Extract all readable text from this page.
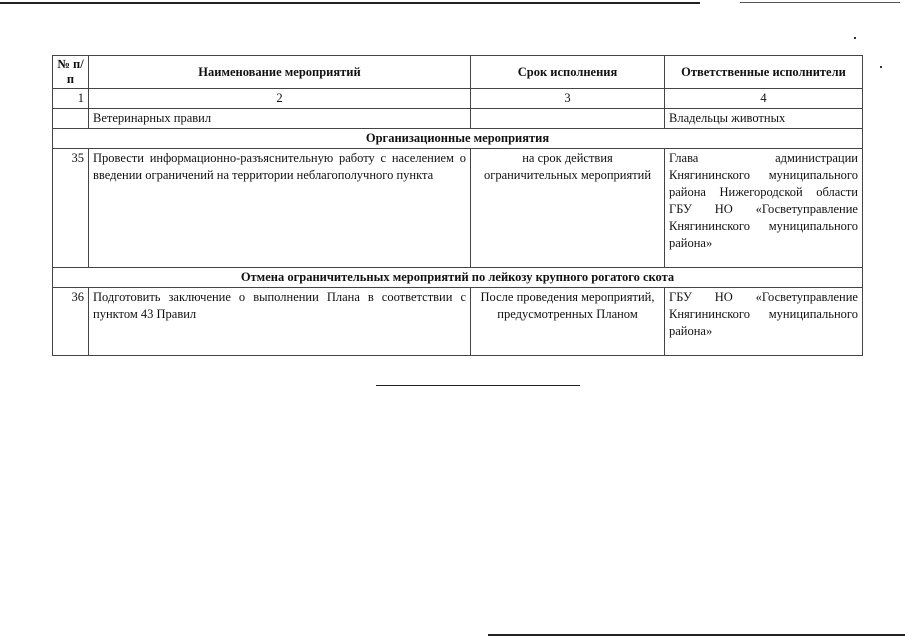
№ п/п	Наименование мероприятий	Срок исполнения	Ответственные исполнители
1	2	3	4
	Ветеринарных правил		Владельцы животных
Организационные мероприятия			
35	Провести информационно-разъяснительную работу с населением о введении ограничений на территории неблагополучного пункта	на срок действия ограничительных мероприятий	Глава администрации Княгининского муниципального района Нижегородской области ГБУ НО «Госветуправление Княгининского муниципального района»
Отмена ограничительных мероприятий по лейкозу крупного рогатого скота			
36	Подготовить заключение о выполнении Плана в соответствии с пунктом 43 Правил	После проведения мероприятий, предусмотренных Планом	ГБУ НО «Госветуправление Княгининского муниципального района»
